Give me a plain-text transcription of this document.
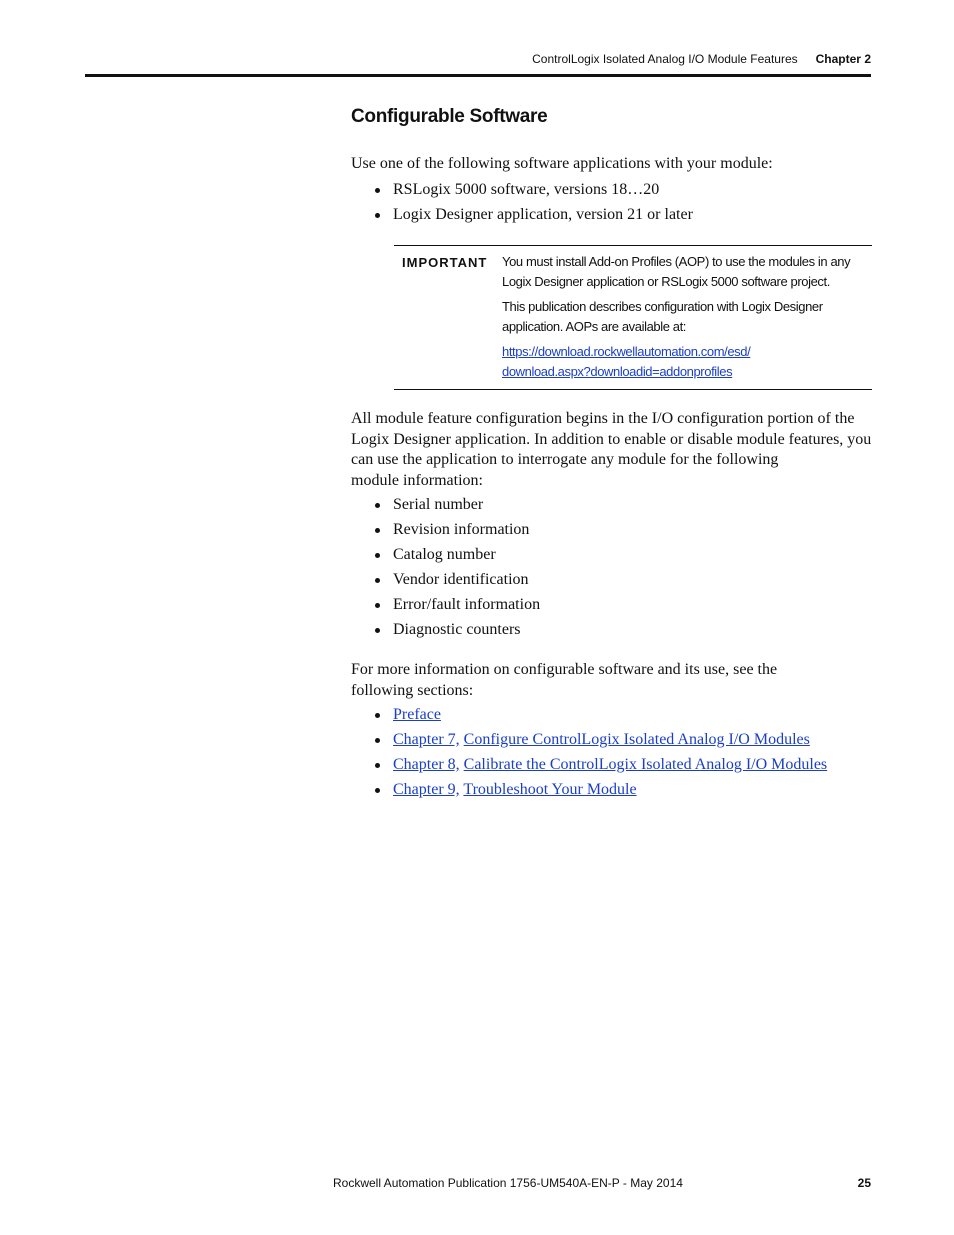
ControlLogix Isolated Analog I/O Module Features Chapter 2
Configurable Software

Use one of the following software applications with your module:

RSLogix 5000 software, versions 18…20
Logix Designer application, version 21 or later
IMPORTANT You must install Add-on Profiles (AOP) to use the modules in any Logix Designer application or RSLogix 5000 software project.

This publication describes configuration with Logix Designer application. AOPs are available at:

https://download.rockwellautomation.com/esd/
download.aspx?downloadid=addonprofiles

All module feature configuration begins in the I/O configuration portion of the Logix Designer application. In addition to enable or disable module features, you can use the application to interrogate any module for the following
module information:

Serial number
Revision information
Catalog number
Vendor identification
Error/fault information
Diagnostic counters

For more information on configurable software and its use, see the
following sections:

Preface
Chapter 7, Configure ControlLogix Isolated Analog I/O Modules
Chapter 8, Calibrate the ControlLogix Isolated Analog I/O Modules
Chapter 9, Troubleshoot Your Module
Rockwell Automation Publication 1756-UM540A-EN-P - May 2014	25
